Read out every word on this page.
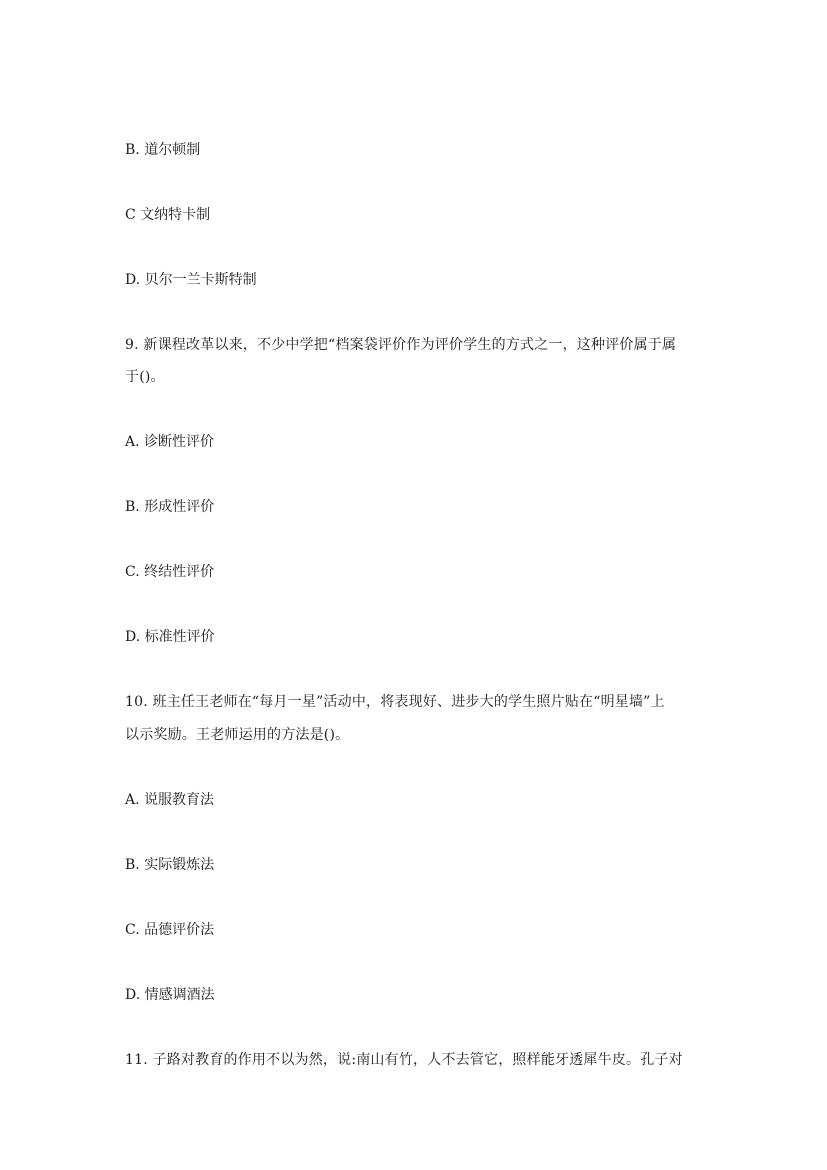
B. 道尔顿制
C 文纳特卡制
D. 贝尔一兰卡斯特制
9. 新课程改革以来，不少中学把“档案袋评价作为评价学生的方式之一，这种评价属于属
于()。
A. 诊断性评价
B. 形成性评价
C. 终结性评价
D. 标准性评价
10. 班主任王老师在“每月一星”活动中，将表现好、进步大的学生照片贴在“明星墙”上
以示奖励。王老师运用的方法是()。
A. 说服教育法
B. 实际锻炼法
C. 品德评价法
D. 情感调酒法
11. 子路对教育的作用不以为然，说:南山有竹，人不去管它，照样能牙透犀牛皮。孔子对
